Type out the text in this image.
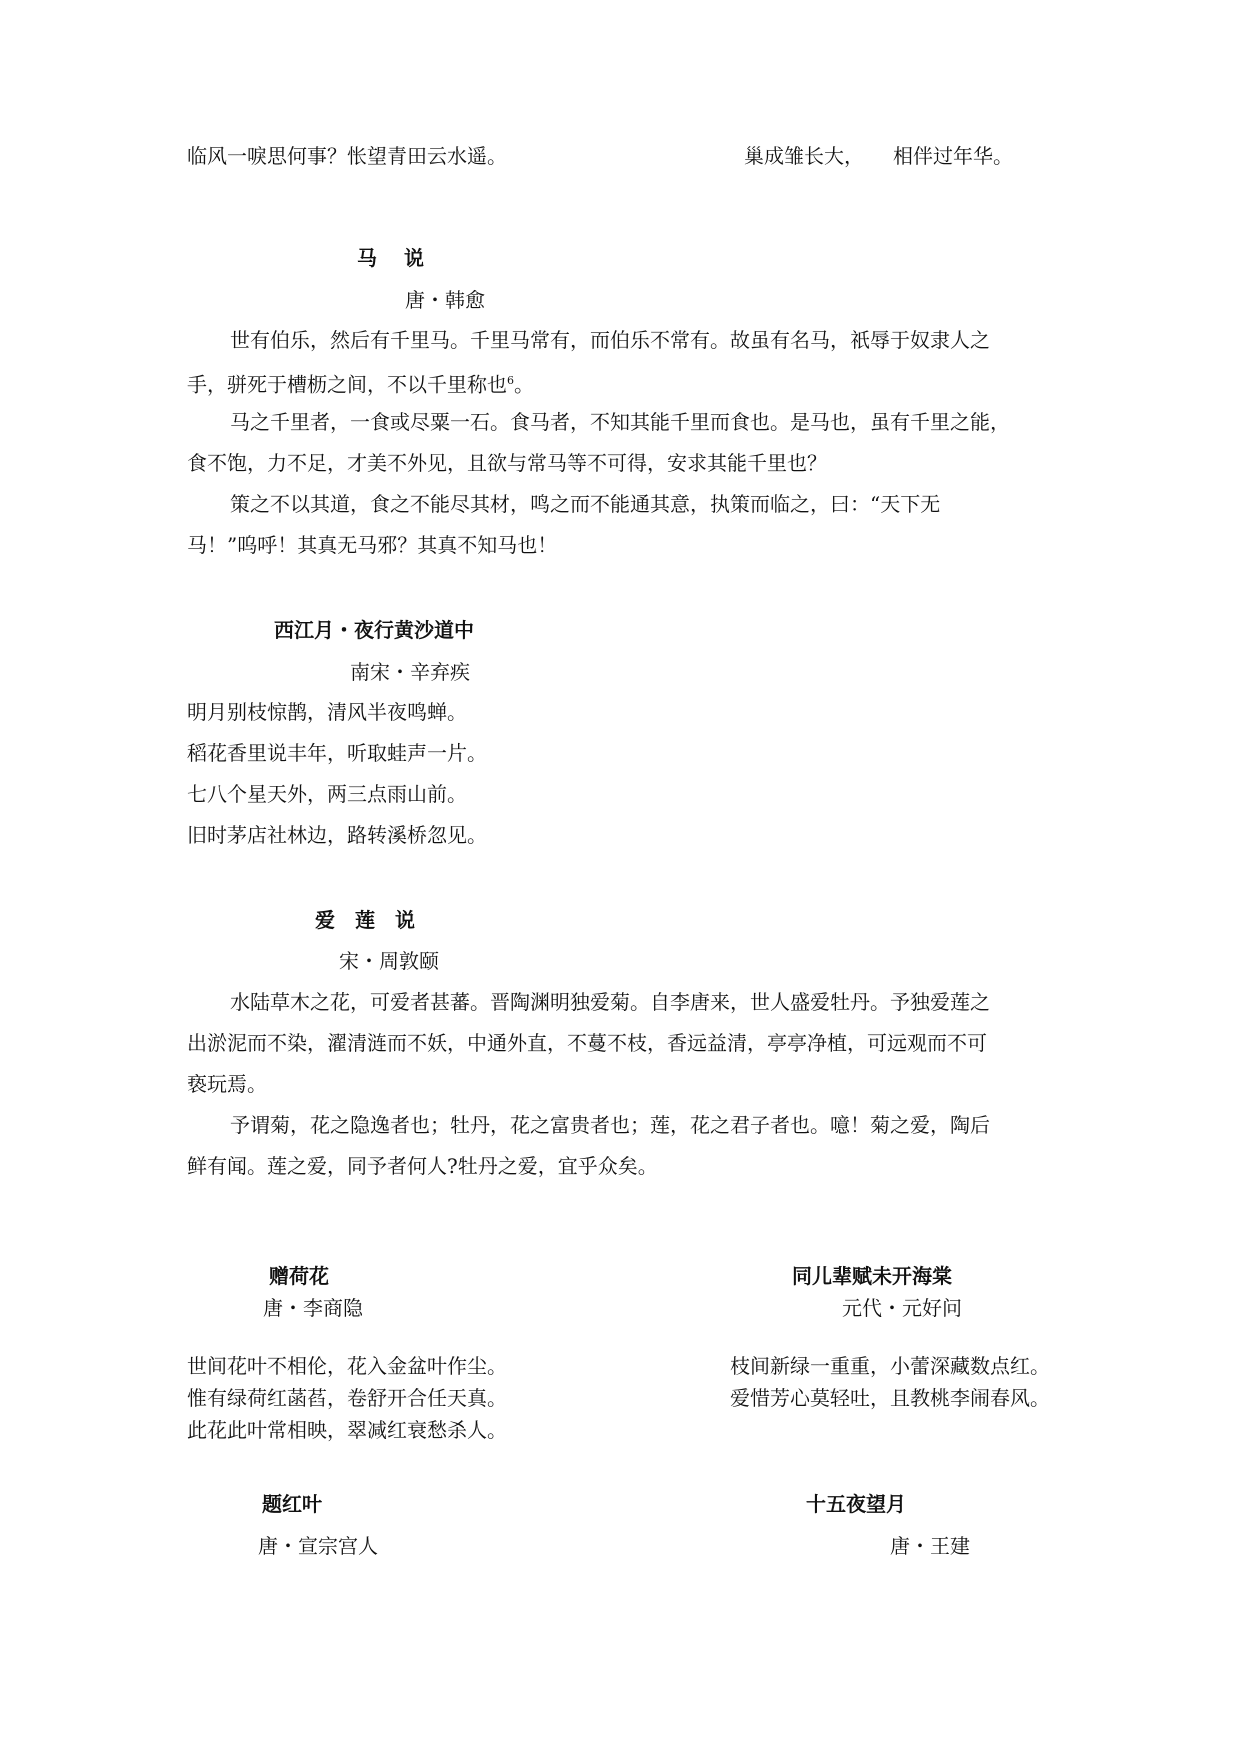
临风一唳思何事？怅望青田云水遥。	巢成雏长大， 相伴过年华。
马　 说
唐・韩愈
世有伯乐，然后有千里马。千里马常有，而伯乐不常有。故虽有名马，祇辱于奴隶人之
手，骈死于槽枥之间，不以千里称也$^6$。
马之千里者，一食或尽粟一石。食马者，不知其能千里而食也。是马也，虽有千里之能，
食不饱，力不足，才美不外见，且欲与常马等不可得，安求其能千里也？
策之不以其道，食之不能尽其材，鸣之而不能通其意，执策而临之，曰：“天下无
马！”呜呼！其真无马邪？其真不知马也！
西江月・夜行黄沙道中
南宋・辛弃疾
明月别枝惊鹊，清风半夜鸣蝉。
稻花香里说丰年，听取蛙声一片。
七八个星天外，两三点雨山前。
旧时茅店社林边，路转溪桥忽见。
爱　莲　说
宋・周敦颐
水陆草木之花，可爱者甚蕃。晋陶渊明独爱菊。自李唐来，世人盛爱牡丹。予独爱莲之
出淤泥而不染，濯清涟而不妖，中通外直，不蔓不枝，香远益清，亭亭净植，可远观而不可
亵玩焉。
予谓菊，花之隐逸者也；牡丹，花之富贵者也；莲，花之君子者也。噫！菊之爱，陶后
鲜有闻。莲之爱，同予者何人?牡丹之爱，宜乎众矣。
赠荷花
唐・李商隐
世间花叶不相伦，花入金盆叶作尘。
惟有绿荷红菡萏，卷舒开合任天真。
此花此叶常相映，翠减红衰愁杀人。
同儿辈赋未开海棠
元代・元好问
枝间新绿一重重，小蕾深藏数点红。
爱惜芳心莫轻吐，且教桃李闹春风。
题红叶
唐・宣宗宫人
十五夜望月
唐・王建
